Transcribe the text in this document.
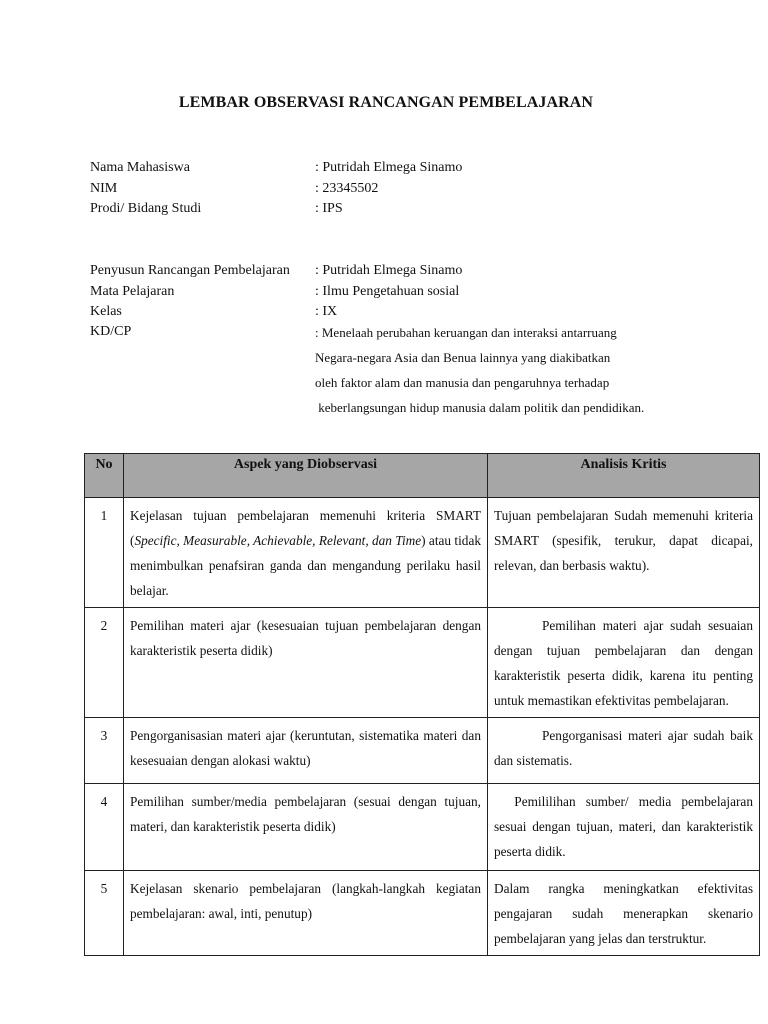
LEMBAR OBSERVASI RANCANGAN PEMBELAJARAN
Nama Mahasiswa	: Putridah Elmega Sinamo
NIM	: 23345502
Prodi/ Bidang Studi	: IPS
Penyusun Rancangan Pembelajaran	: Putridah Elmega Sinamo
Mata Pelajaran	: Ilmu Pengetahuan sosial
Kelas	: IX
KD/CP	: Menelaah perubahan keruangan dan interaksi antarruang
Negara-negara Asia dan Benua lainnya yang diakibatkan
oleh faktor alam dan manusia dan pengaruhnya terhadap
keberlangsungan hidup manusia dalam politik dan pendidikan.
No	Aspek yang Diobservasi	Analisis Kritis
1	Kejelasan tujuan pembelajaran memenuhi kriteria SMART (Specific, Measurable, Achievable, Relevant, dan Time) atau tidak menimbulkan penafsiran ganda dan mengandung perilaku hasil belajar.	Tujuan pembelajaran Sudah memenuhi kriteria SMART (spesifik, terukur, dapat dicapai, relevan, dan berbasis waktu).
2	Pemilihan materi ajar (kesesuaian tujuan pembelajaran dengan karakteristik peserta didik)	Pemilihan materi ajar sudah sesuaian dengan tujuan pembelajaran dan dengan karakteristik peserta didik, karena itu penting untuk memastikan efektivitas pembelajaran.
3	Pengorganisasian materi ajar (keruntutan, sistematika materi dan kesesuaian dengan alokasi waktu)	Pengorganisasi materi ajar sudah baik dan sistematis.
4	Pemilihan sumber/media pembelajaran (sesuai dengan tujuan, materi, dan karakteristik peserta didik)	Pemililihan sumber/ media pembelajaran sesuai dengan tujuan, materi, dan karakteristik peserta didik.
5	Kejelasan skenario pembelajaran (langkah-langkah kegiatan pembelajaran: awal, inti, penutup)	Dalam rangka meningkatkan efektivitas pengajaran sudah menerapkan skenario pembelajaran yang jelas dan terstruktur.
